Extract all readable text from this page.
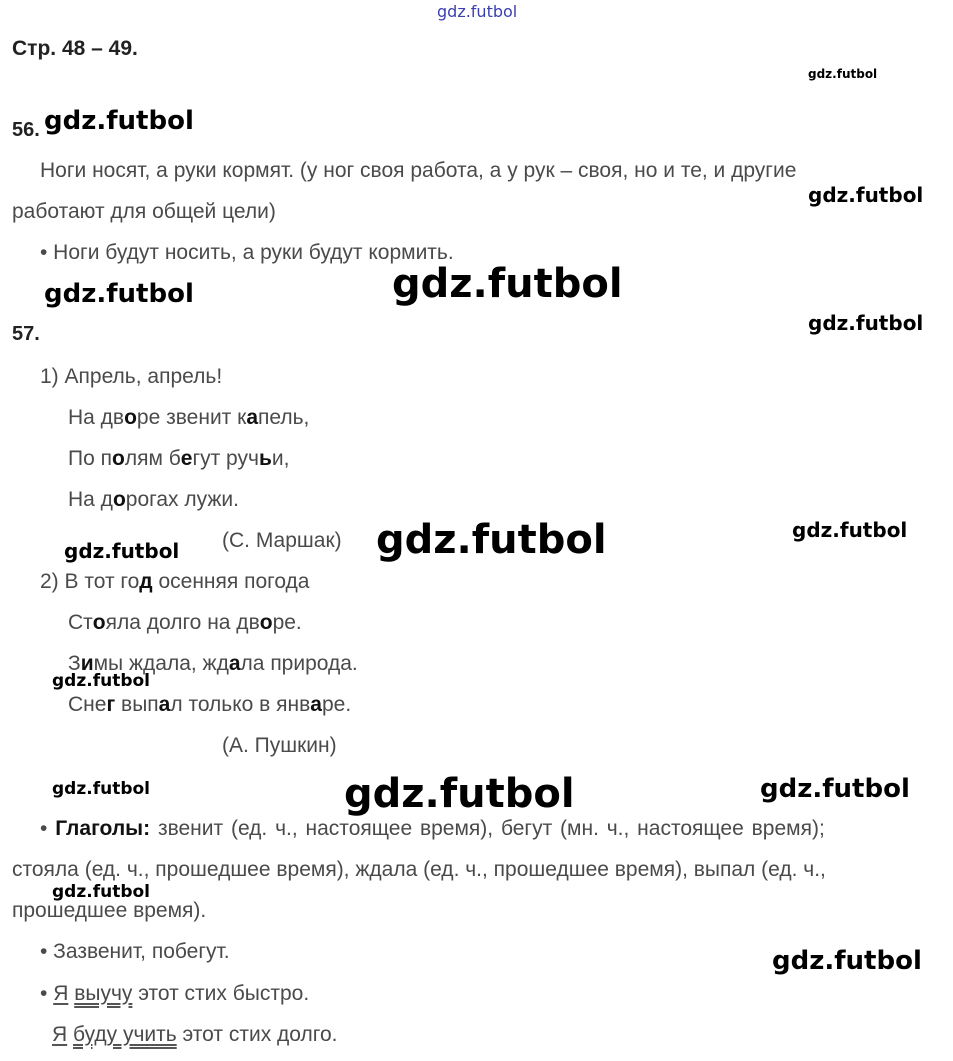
gdz.futbol
gdz.futbol
gdz.futbol
gdz.futbol
gdz.futbol	gdz.futbol
gdz.futbol
gdz.futbol
gdz.futbol	gdz.futbol
gdz.futbol
gdz.futbol	gdz.futbol	gdz.futbol
gdz.futbol
gdz.futbol
Стр. 48 – 49.
56.
Ноги носят, а руки кормят. (у ног своя работа, а у рук – своя, но и те, и другие
работают для общей цели)
• Ноги будут носить, а руки будут кормить.
57.
1) Апрель, апрель!
На дворе звенит капель,
По полям бегут ручьи,
На дорогах лужи.
(С. Маршак)
2) В тот год осенняя погода
Стояла долго на дворе.
Зимы ждала, ждала природа.
Снег выпал только в январе.
(А. Пушкин)
• Глаголы: звенит (ед. ч., настоящее время), бегут (мн. ч., настоящее время);
стояла (ед. ч., прошедшее время), ждала (ед. ч., прошедшее время), выпал (ед. ч.,
прошедшее время).
• Зазвенит, побегут.
• Я выучу этот стих быстро.
Я буду учить этот стих долго.
